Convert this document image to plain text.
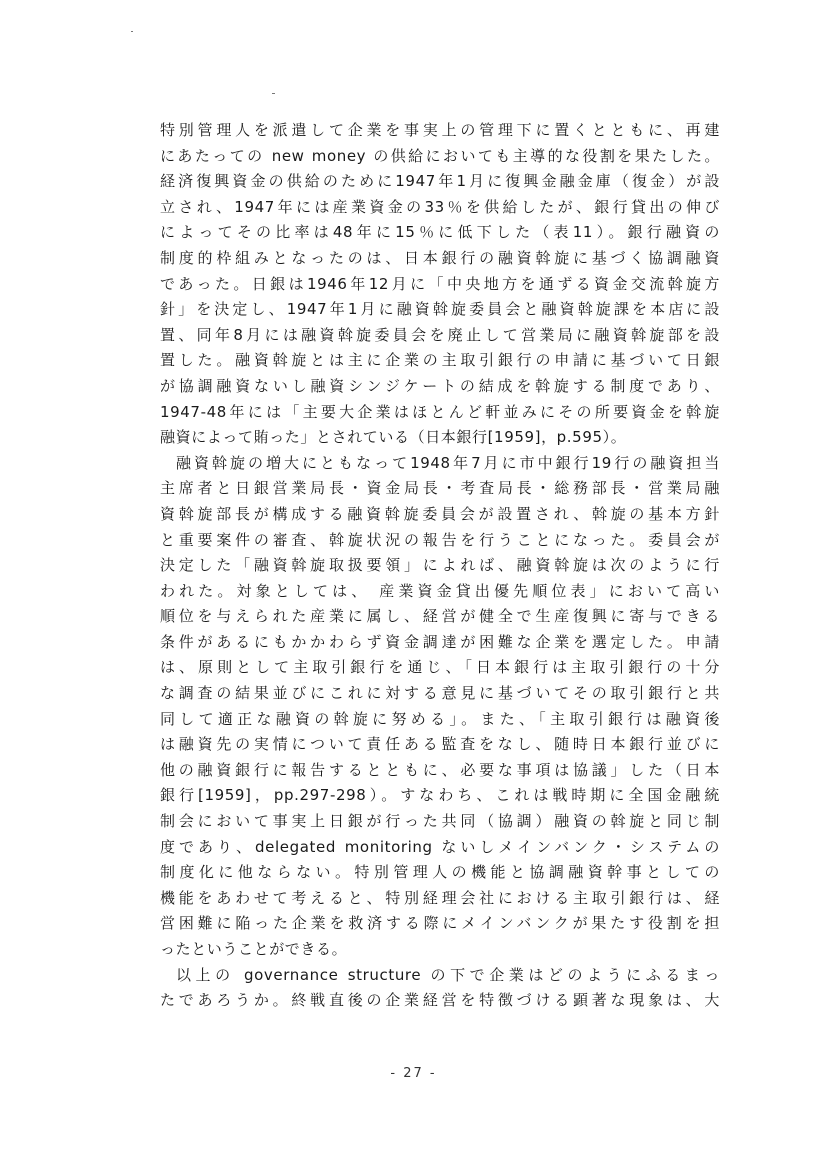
特別管理人を派遣して企業を事実上の管理下に置くとともに、再建
にあたっての new money の供給においても主導的な役割を果たした。
経済復興資金の供給のために1947年1月に復興金融金庫（復金）が設
立され、1947年には産業資金の33％を供給したが、銀行貸出の伸び
によってその比率は48年に15％に低下した（表11）。銀行融資の
制度的枠組みとなったのは、日本銀行の融資斡旋に基づく協調融資
であった。日銀は1946年12月に「中央地方を通ずる資金交流斡旋方
針」を決定し、1947年1月に融資斡旋委員会と融資斡旋課を本店に設
置、同年8月には融資斡旋委員会を廃止して営業局に融資斡旋部を設
置した。融資斡旋とは主に企業の主取引銀行の申請に基づいて日銀
が協調融資ないし融資シンジケートの結成を斡旋する制度であり、
1947-48年には「主要大企業はほとんど軒並みにその所要資金を斡旋
融資によって賄った」とされている（日本銀行[1959]，p.595）。
融資斡旋の増大にともなって1948年7月に市中銀行19行の融資担当
主席者と日銀営業局長・資金局長・考査局長・総務部長・営業局融
資斡旋部長が構成する融資斡旋委員会が設置され、斡旋の基本方針
と重要案件の審査、斡旋状況の報告を行うことになった。委員会が
決定した「融資斡旋取扱要領」によれば、融資斡旋は次のように行
われた。対象としては、 産業資金貸出優先順位表」において高い
順位を与えられた産業に属し、経営が健全で生産復興に寄与できる
条件があるにもかかわらず資金調達が困難な企業を選定した。申請
は、原則として主取引銀行を通じ、「日本銀行は主取引銀行の十分
な調査の結果並びにこれに対する意見に基づいてその取引銀行と共
同して適正な融資の斡旋に努める」。また、「主取引銀行は融資後
は融資先の実情について責任ある監査をなし、随時日本銀行並びに
他の融資銀行に報告するとともに、必要な事項は協議」した（日本
銀行[1959]，pp.297-298）。すなわち、これは戦時期に全国金融統
制会において事実上日銀が行った共同（協調）融資の斡旋と同じ制
度であり、delegated monitoring ないしメインバンク・システムの
制度化に他ならない。特別管理人の機能と協調融資幹事としての
機能をあわせて考えると、特別経理会社における主取引銀行は、経
営困難に陥った企業を救済する際にメインバンクが果たす役割を担
ったということができる。
以上の governance structure の下で企業はどのようにふるまっ
たであろうか。終戦直後の企業経営を特徴づける顕著な現象は、大
- 27 -
